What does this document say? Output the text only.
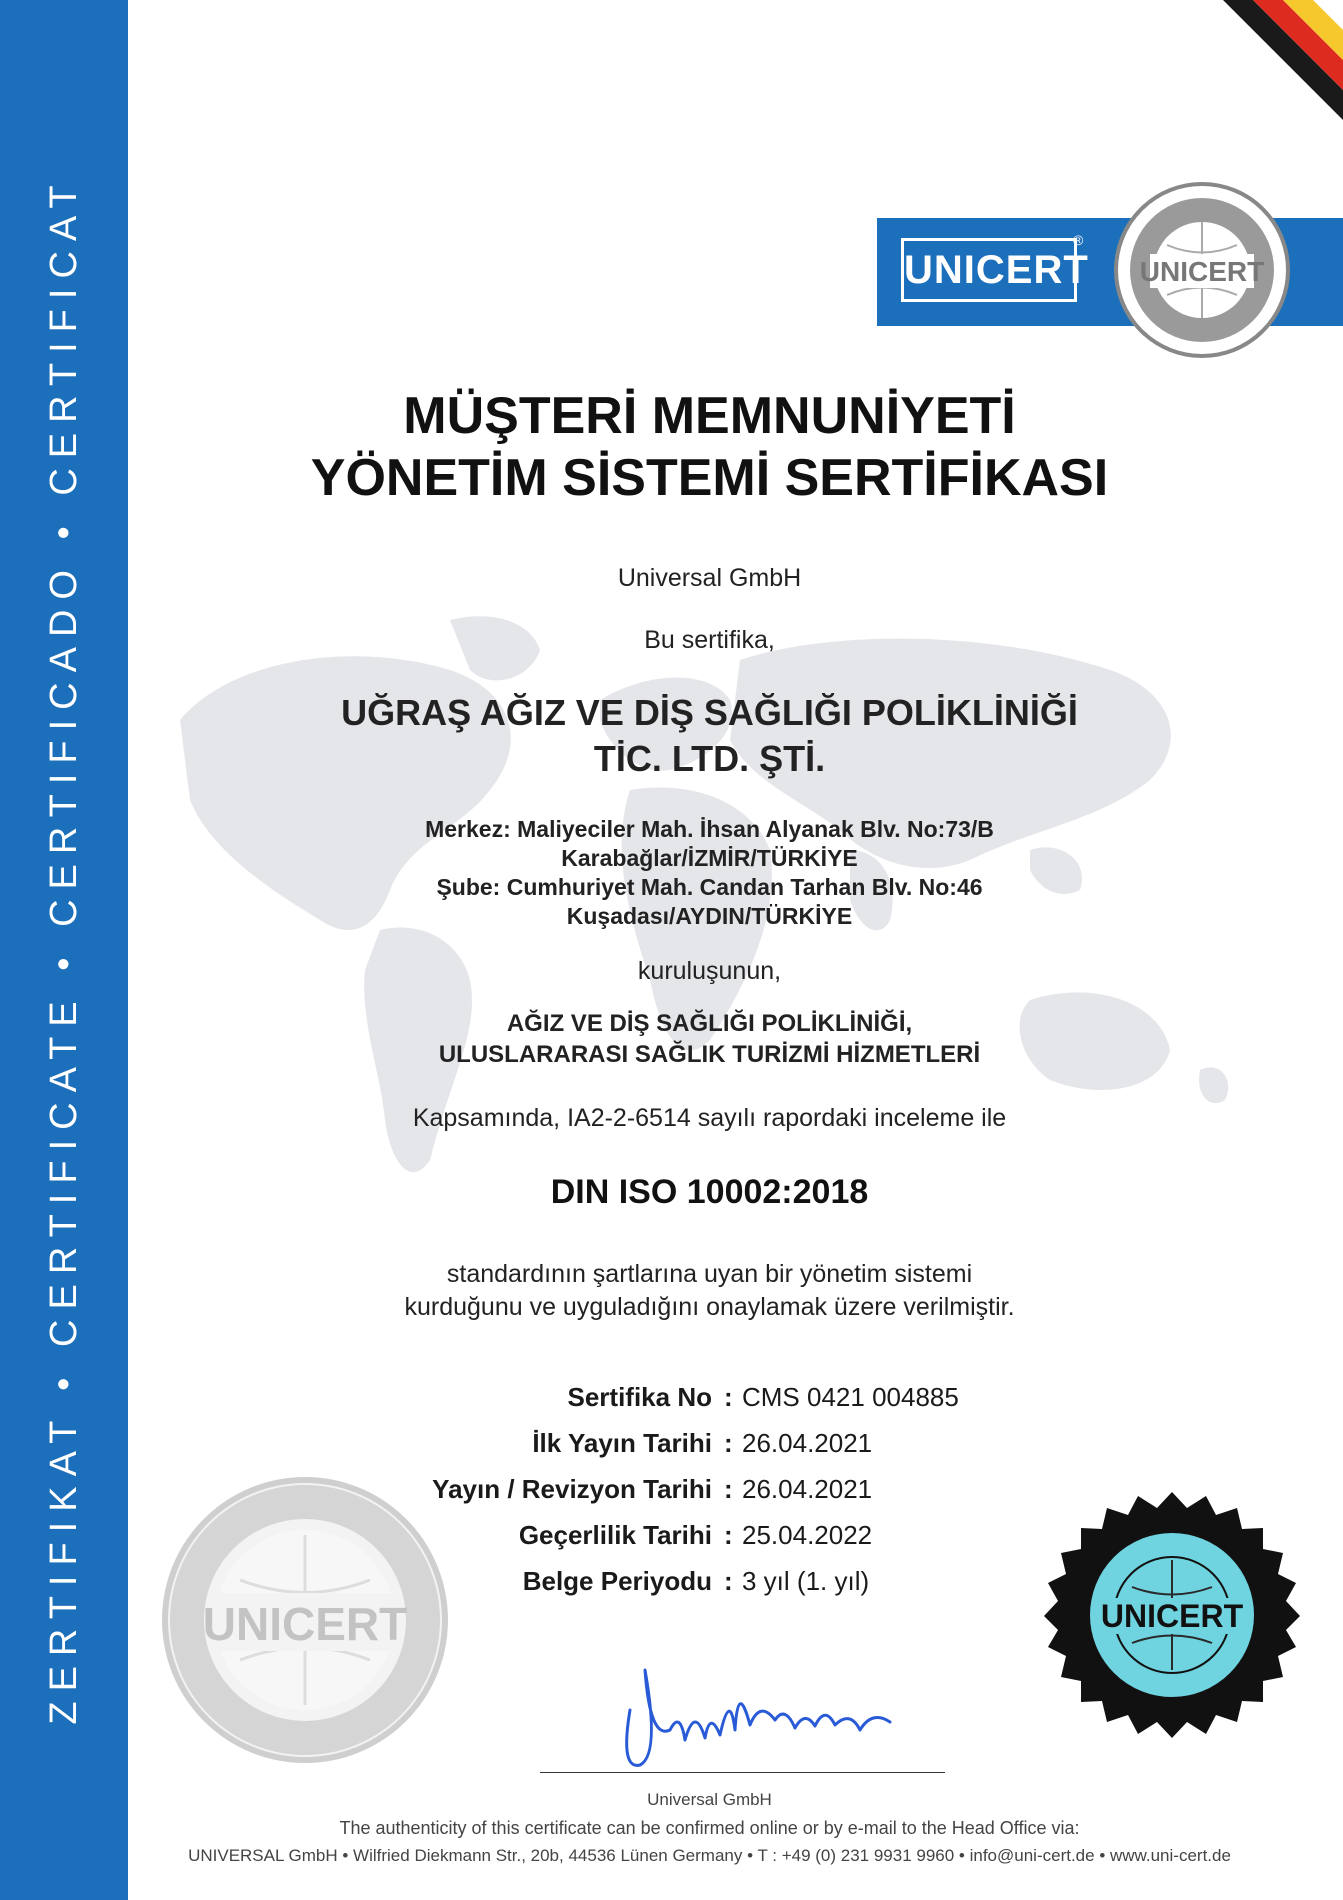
ZERTIFIKAT • CERTIFICATE • CERTIFICADO • CERTIFICAT	UNICERT
®
UNICERT
MÜŞTERİ MEMNUNİYETİ
YÖNETİM SİSTEMİ SERTİFİKASI
Universal GmbH
Bu sertifika,
UĞRAŞ AĞIZ VE DİŞ SAĞLIĞI POLİKLİNİĞİ
TİC. LTD. ŞTİ.
Merkez: Maliyeciler Mah. İhsan Alyanak Blv. No:73/B
Karabağlar/İZMİR/TÜRKİYE
Şube: Cumhuriyet Mah. Candan Tarhan Blv. No:46
Kuşadası/AYDIN/TÜRKİYE
kuruluşunun,
AĞIZ VE DİŞ SAĞLIĞI POLİKLİNİĞİ,
ULUSLARARASI SAĞLIK TURİZMİ HİZMETLERİ
Kapsamında, IA2-2-6514 sayılı rapordaki inceleme ile
DIN ISO 10002:2018
standardının şartlarına uyan bir yönetim sistemi
kurduğunu ve uyguladığını onaylamak üzere verilmiştir.
Sertifika No : CMS 0421 004885
İlk Yayın Tarihi : 26.04.2021
Yayın / Revizyon Tarihi : 26.04.2021
Geçerlilik Tarihi : 25.04.2022
Belge Periyodu : 3 yıl (1. yıl)
UNICERT	UNICERT
Universal GmbH
The authenticity of this certificate can be confirmed online or by e-mail to the Head Office via:
UNIVERSAL GmbH • Wilfried Diekmann Str., 20b, 44536 Lünen Germany • T : +49 (0) 231 9931 9960 • info@uni-cert.de • www.uni-cert.de
